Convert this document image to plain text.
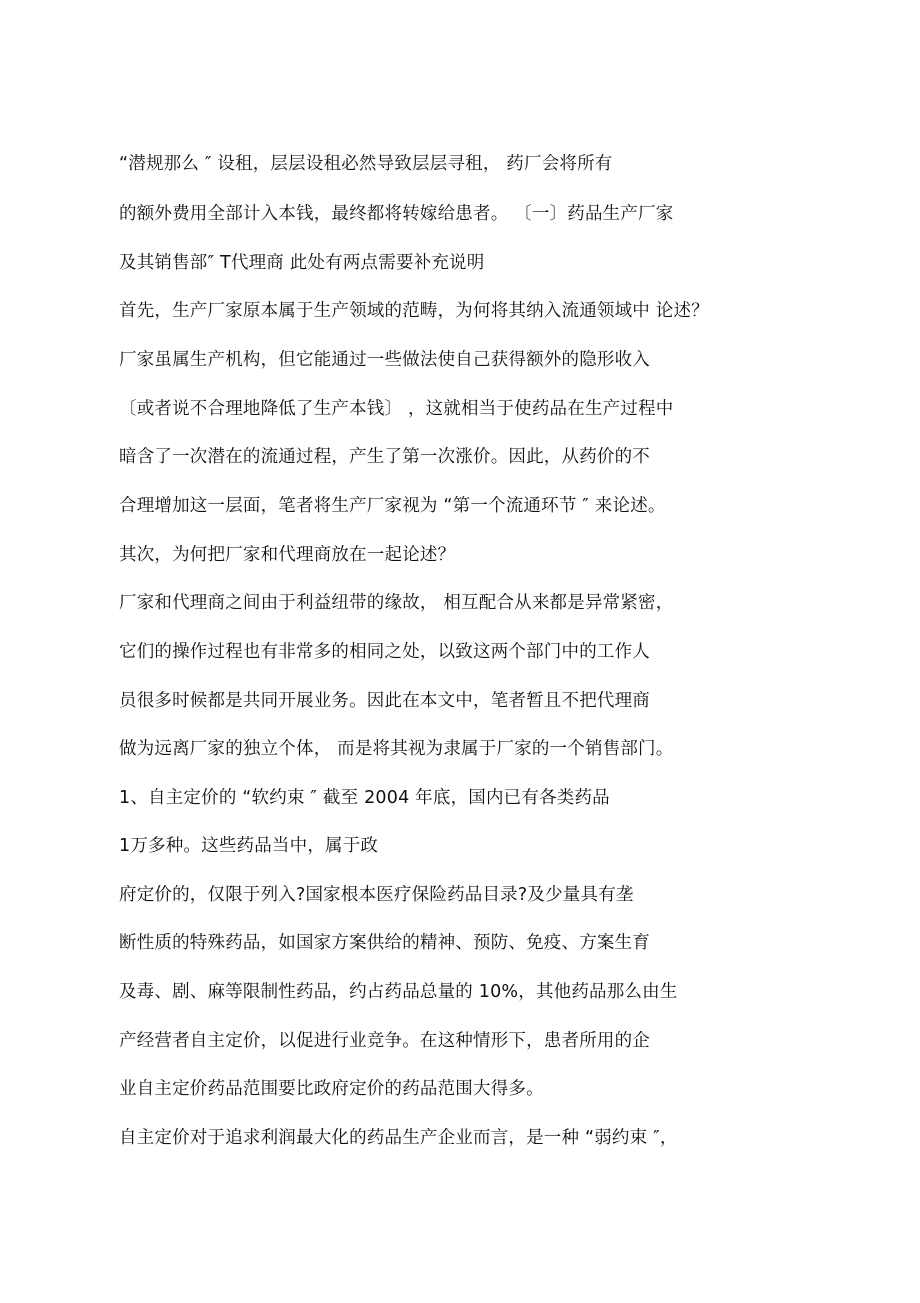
“潜规那么 ″ 设租，层层设租必然导致层层寻租， 药厂会将所有
的额外费用全部计入本钱，最终都将转嫁给患者。 〔一〕药品生产厂家
及其销售部″ T代理商 此处有两点需要补充说明
首先，生产厂家原本属于生产领域的范畴，为何将其纳入流通领域中 论述？
厂家虽属生产机构，但它能通过一些做法使自己获得额外的隐形收入
〔或者说不合理地降低了生产本钱〕 ，这就相当于使药品在生产过程中
暗含了一次潜在的流通过程，产生了第一次涨价。因此，从药价的不
合理增加这一层面，笔者将生产厂家视为 “第一个流通环节 ″ 来论述。
其次，为何把厂家和代理商放在一起论述？
厂家和代理商之间由于利益纽带的缘故， 相互配合从来都是异常紧密，
它们的操作过程也有非常多的相同之处，以致这两个部门中的工作人
员很多时候都是共同开展业务。因此在本文中，笔者暂且不把代理商
做为远离厂家的独立个体， 而是将其视为隶属于厂家的一个销售部门。
1、自主定价的 “软约束 ″ 截至 2004 年底，国内已有各类药品
1万多种。这些药品当中，属于政
府定价的，仅限于列入?国家根本医疗保险药品目录?及少量具有垄
断性质的特殊药品，如国家方案供给的精神、预防、免疫、方案生育
及毒、剧、麻等限制性药品，约占药品总量的 10%，其他药品那么由生
产经营者自主定价，以促进行业竞争。在这种情形下，患者所用的企
业自主定价药品范围要比政府定价的药品范围大得多。
自主定价对于追求利润最大化的药品生产企业而言，是一种 “弱约束 ″，
